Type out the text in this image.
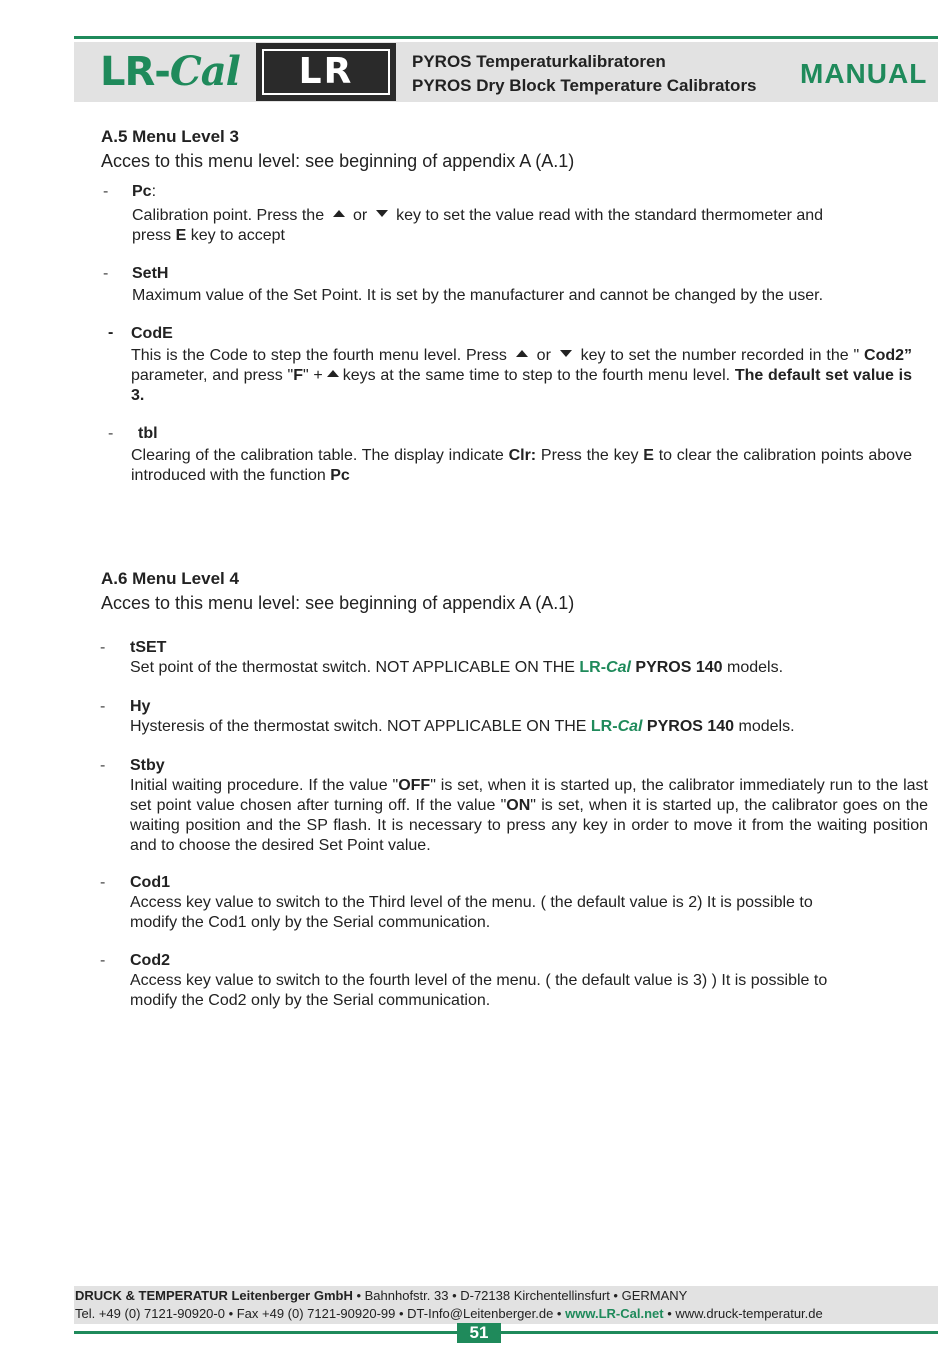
LR-Cal	LR	PYROS Temperaturkalibratoren
PYROS Dry Block Temperature Calibrators MANUAL
A.5 Menu Level 3
Acces to this menu level: see beginning of appendix A (A.1)
- Pc:
Calibration point. Press the or key to set the value read with the standard thermometer and
press E key to accept
- SetH
Maximum value of the Set Point. It is set by the manufacturer and cannot be changed by the user.
- CodE
This is the Code to step the fourth menu level. Press or key to set the number recorded in the " Cod2” parameter, and press "F" + keys at the same time to step to the fourth menu level. The default set value is 3.
-	tbl
Clearing of the calibration table. The display indicate Clr: Press the key E to clear the calibration points above introduced with the function Pc
A.6 Menu Level 4
Acces to this menu level: see beginning of appendix A (A.1)
- tSET
Set point of the thermostat switch. NOT APPLICABLE ON THE LR-Cal PYROS 140 models.
- Hy
Hysteresis of the thermostat switch. NOT APPLICABLE ON THE LR-Cal PYROS 140 models.
- Stby
Initial waiting procedure. If the value "OFF" is set, when it is started up, the calibrator immediately run to the last set point value chosen after turning off. If the value "ON" is set, when it is started up, the calibrator goes on the waiting position and the SP flash. It is necessary to press any key in order to move it from the waiting position and to choose the desired Set Point value.
- Cod1
Access key value to switch to the Third level of the menu. ( the default value is 2) It is possible to
modify the Cod1 only by the Serial communication.
- Cod2
Access key value to switch to the fourth level of the menu. ( the default value is 3) ) It is possible to
modify the Cod2 only by the Serial communication.
DRUCK & TEMPERATUR Leitenberger GmbH • Bahnhofstr. 33 • D-72138 Kirchentellinsfurt • GERMANY
Tel. +49 (0) 7121-90920-0 • Fax +49 (0) 7121-90920-99 • DT-Info@Leitenberger.de • www.LR-Cal.net • www.druck-temperatur.de
51
